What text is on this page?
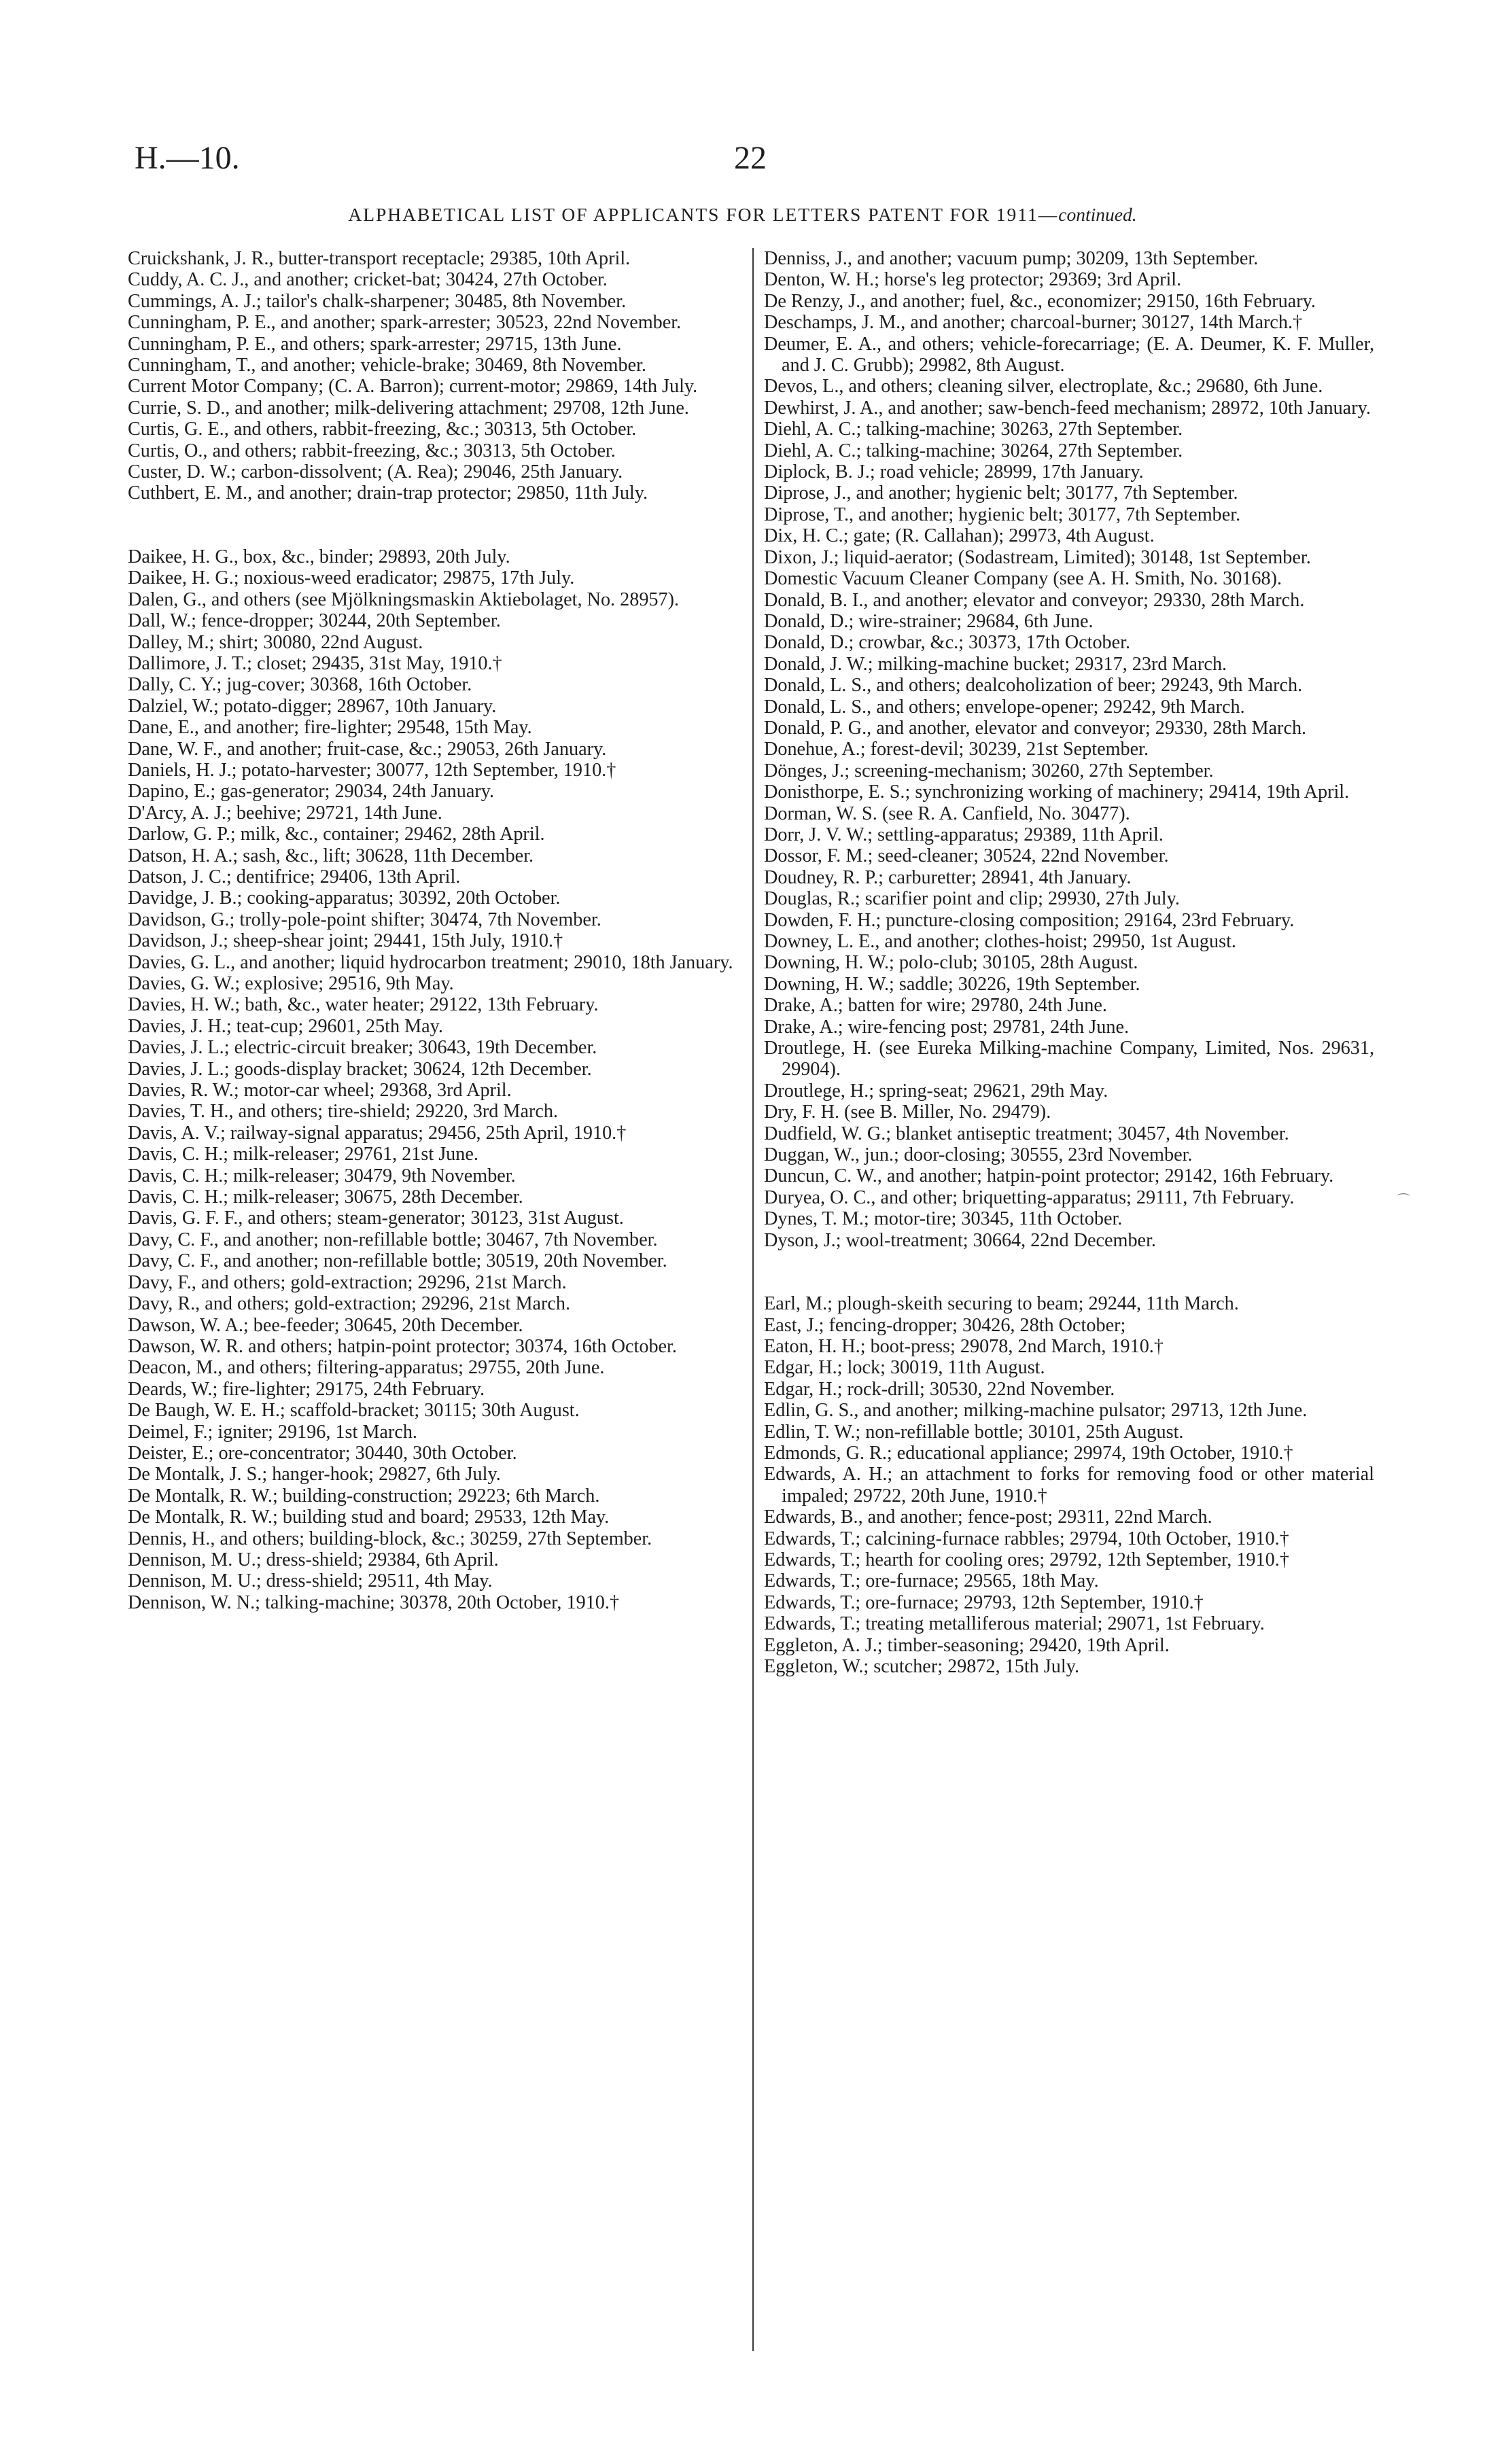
H.—10.	22
ALPHABETICAL LIST OF APPLICANTS FOR LETTERS PATENT FOR 1911—continued.

Cruickshank, J. R., butter-transport receptacle; 29385, 10th April.

Cuddy, A. C. J., and another; cricket-bat; 30424, 27th October.

Cummings, A. J.; tailor's chalk-sharpener; 30485, 8th November.

Cunningham, P. E., and another; spark-arrester; 30523, 22nd November.

Cunningham, P. E., and others; spark-arrester; 29715, 13th June.

Cunningham, T., and another; vehicle-brake; 30469, 8th November.

Current Motor Company; (C. A. Barron); current-motor; 29869, 14th July.

Currie, S. D., and another; milk-delivering attachment; 29708, 12th June.

Curtis, G. E., and others, rabbit-freezing, &c.; 30313, 5th October.

Curtis, O., and others; rabbit-freezing, &c.; 30313, 5th October.

Custer, D. W.; carbon-dissolvent; (A. Rea); 29046, 25th January.

Cuthbert, E. M., and another; drain-trap protector; 29850, 11th July.

Daikee, H. G., box, &c., binder; 29893, 20th July.

Daikee, H. G.; noxious-weed eradicator; 29875, 17th July.

Dalen, G., and others (see Mjölkningsmaskin Aktiebolaget, No. 28957).

Dall, W.; fence-dropper; 30244, 20th September.

Dalley, M.; shirt; 30080, 22nd August.

Dallimore, J. T.; closet; 29435, 31st May, 1910.†

Dally, C. Y.; jug-cover; 30368, 16th October.

Dalziel, W.; potato-digger; 28967, 10th January.

Dane, E., and another; fire-lighter; 29548, 15th May.

Dane, W. F., and another; fruit-case, &c.; 29053, 26th January.

Daniels, H. J.; potato-harvester; 30077, 12th September, 1910.†

Dapino, E.; gas-generator; 29034, 24th January.

D'Arcy, A. J.; beehive; 29721, 14th June.

Darlow, G. P.; milk, &c., container; 29462, 28th April.

Datson, H. A.; sash, &c., lift; 30628, 11th December.

Datson, J. C.; dentifrice; 29406, 13th April.

Davidge, J. B.; cooking-apparatus; 30392, 20th October.

Davidson, G.; trolly-pole-point shifter; 30474, 7th November.

Davidson, J.; sheep-shear joint; 29441, 15th July, 1910.†

Davies, G. L., and another; liquid hydrocarbon treatment; 29010, 18th January.

Davies, G. W.; explosive; 29516, 9th May.

Davies, H. W.; bath, &c., water heater; 29122, 13th February.

Davies, J. H.; teat-cup; 29601, 25th May.

Davies, J. L.; electric-circuit breaker; 30643, 19th December.

Davies, J. L.; goods-display bracket; 30624, 12th December.

Davies, R. W.; motor-car wheel; 29368, 3rd April.

Davies, T. H., and others; tire-shield; 29220, 3rd March.

Davis, A. V.; railway-signal apparatus; 29456, 25th April, 1910.†

Davis, C. H.; milk-releaser; 29761, 21st June.

Davis, C. H.; milk-releaser; 30479, 9th November.

Davis, C. H.; milk-releaser; 30675, 28th December.

Davis, G. F. F., and others; steam-generator; 30123, 31st August.

Davy, C. F., and another; non-refillable bottle; 30467, 7th November.

Davy, C. F., and another; non-refillable bottle; 30519, 20th November.

Davy, F., and others; gold-extraction; 29296, 21st March.

Davy, R., and others; gold-extraction; 29296, 21st March.

Dawson, W. A.; bee-feeder; 30645, 20th December.

Dawson, W. R. and others; hatpin-point protector; 30374, 16th October.

Deacon, M., and others; filtering-apparatus; 29755, 20th June.

Deards, W.; fire-lighter; 29175, 24th February.

De Baugh, W. E. H.; scaffold-bracket; 30115; 30th August.

Deimel, F.; igniter; 29196, 1st March.

Deister, E.; ore-concentrator; 30440, 30th October.

De Montalk, J. S.; hanger-hook; 29827, 6th July.

De Montalk, R. W.; building-construction; 29223; 6th March.

De Montalk, R. W.; building stud and board; 29533, 12th May.

Dennis, H., and others; building-block, &c.; 30259, 27th September.

Dennison, M. U.; dress-shield; 29384, 6th April.

Dennison, M. U.; dress-shield; 29511, 4th May.

Dennison, W. N.; talking-machine; 30378, 20th October, 1910.†

Denniss, J., and another; vacuum pump; 30209, 13th September.

Denton, W. H.; horse's leg protector; 29369; 3rd April.

De Renzy, J., and another; fuel, &c., economizer; 29150, 16th February.

Deschamps, J. M., and another; charcoal-burner; 30127, 14th March.†

Deumer, E. A., and others; vehicle-forecarriage; (E. A. Deumer, K. F. Muller, and J. C. Grubb); 29982, 8th August.

Devos, L., and others; cleaning silver, electroplate, &c.; 29680, 6th June.

Dewhirst, J. A., and another; saw-bench-feed mechanism; 28972, 10th January.

Diehl, A. C.; talking-machine; 30263, 27th September.

Diehl, A. C.; talking-machine; 30264, 27th September.

Diplock, B. J.; road vehicle; 28999, 17th January.

Diprose, J., and another; hygienic belt; 30177, 7th September.

Diprose, T., and another; hygienic belt; 30177, 7th September.

Dix, H. C.; gate; (R. Callahan); 29973, 4th August.

Dixon, J.; liquid-aerator; (Sodastream, Limited); 30148, 1st September.

Domestic Vacuum Cleaner Company (see A. H. Smith, No. 30168).

Donald, B. I., and another; elevator and conveyor; 29330, 28th March.

Donald, D.; wire-strainer; 29684, 6th June.

Donald, D.; crowbar, &c.; 30373, 17th October.

Donald, J. W.; milking-machine bucket; 29317, 23rd March.

Donald, L. S., and others; dealcoholization of beer; 29243, 9th March.

Donald, L. S., and others; envelope-opener; 29242, 9th March.

Donald, P. G., and another, elevator and conveyor; 29330, 28th March.

Donehue, A.; forest-devil; 30239, 21st September.

Dönges, J.; screening-mechanism; 30260, 27th September.

Donisthorpe, E. S.; synchronizing working of machinery; 29414, 19th April.

Dorman, W. S. (see R. A. Canfield, No. 30477).

Dorr, J. V. W.; settling-apparatus; 29389, 11th April.

Dossor, F. M.; seed-cleaner; 30524, 22nd November.

Doudney, R. P.; carburetter; 28941, 4th January.

Douglas, R.; scarifier point and clip; 29930, 27th July.

Dowden, F. H.; puncture-closing composition; 29164, 23rd February.

Downey, L. E., and another; clothes-hoist; 29950, 1st August.

Downing, H. W.; polo-club; 30105, 28th August.

Downing, H. W.; saddle; 30226, 19th September.

Drake, A.; batten for wire; 29780, 24th June.

Drake, A.; wire-fencing post; 29781, 24th June.

Droutlege, H. (see Eureka Milking-machine Company, Limited, Nos. 29631, 29904).

Droutlege, H.; spring-seat; 29621, 29th May.

Dry, F. H. (see B. Miller, No. 29479).

Dudfield, W. G.; blanket antiseptic treatment; 30457, 4th November.

Duggan, W., jun.; door-closing; 30555, 23rd November.

Duncun, C. W., and another; hatpin-point protector; 29142, 16th February.

Duryea, O. C., and other; briquetting-apparatus; 29111, 7th February.

Dynes, T. M.; motor-tire; 30345, 11th October.

Dyson, J.; wool-treatment; 30664, 22nd December.

Earl, M.; plough-skeith securing to beam; 29244, 11th March.

East, J.; fencing-dropper; 30426, 28th October;

Eaton, H. H.; boot-press; 29078, 2nd March, 1910.†

Edgar, H.; lock; 30019, 11th August.

Edgar, H.; rock-drill; 30530, 22nd November.

Edlin, G. S., and another; milking-machine pulsator; 29713, 12th June.

Edlin, T. W.; non-refillable bottle; 30101, 25th August.

Edmonds, G. R.; educational appliance; 29974, 19th October, 1910.†

Edwards, A. H.; an attachment to forks for removing food or other material impaled; 29722, 20th June, 1910.†

Edwards, B., and another; fence-post; 29311, 22nd March.

Edwards, T.; calcining-furnace rabbles; 29794, 10th October, 1910.†

Edwards, T.; hearth for cooling ores; 29792, 12th September, 1910.†

Edwards, T.; ore-furnace; 29565, 18th May.

Edwards, T.; ore-furnace; 29793, 12th September, 1910.†

Edwards, T.; treating metalliferous material; 29071, 1st February.

Eggleton, A. J.; timber-seasoning; 29420, 19th April.

Eggleton, W.; scutcher; 29872, 15th July.

⌒
